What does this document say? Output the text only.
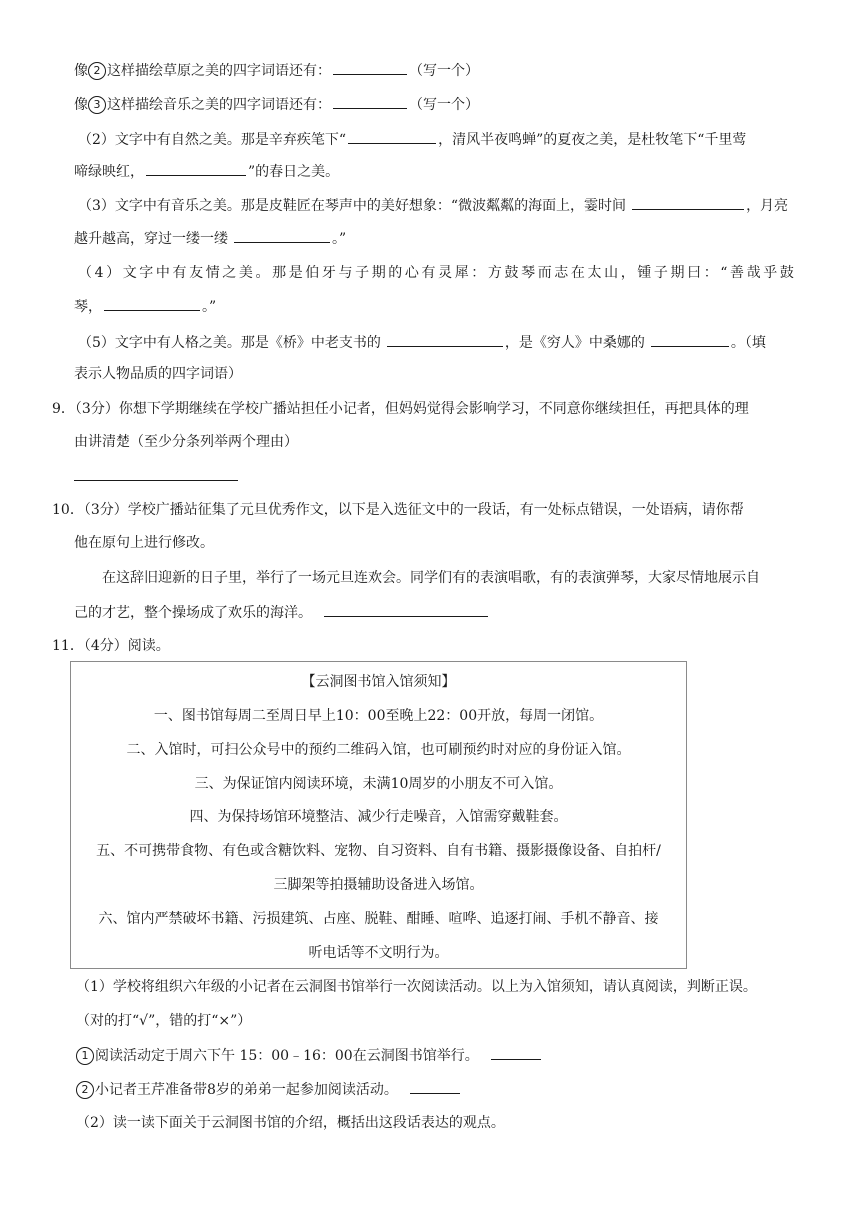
像 2 这样描绘草原之美的四字词语还有：	（写一个）
像 3 这样描绘音乐之美的四字词语还有：	（写一个）
（2）文字中有自然之美。那是辛弃疾笔下“	，清风半夜鸣蝉”的夏夜之美，是杜牧笔下“千里莺
啼绿映红，	”的春日之美。
（3）文字中有音乐之美。那是皮鞋匠在琴声中的美好想象：“微波粼粼的海面上，霎时间	，月亮
越升越高，穿过一缕一缕	。”
（4）文字中有友情之美。那是伯牙与子期的心有灵犀：方鼓琴而志在太山，锺子期曰：“善哉乎鼓
琴，	。”
（5）文字中有人格之美。那是《桥》中老支书的	，是《穷人》中桑娜的	。（填
表示人物品质的四字词语）
9．（3分）你想下学期继续在学校广播站担任小记者，但妈妈觉得会影响学习，不同意你继续担任，再把具体的理
由讲清楚（至少分条列举两个理由）
10．（3分）学校广播站征集了元旦优秀作文，以下是入选征文中的一段话，有一处标点错误，一处语病，请你帮
他在原句上进行修改。
在这辞旧迎新的日子里，举行了一场元旦连欢会。同学们有的表演唱歌，有的表演弹琴，大家尽情地展示自
己的才艺，整个操场成了欢乐的海洋。
11．（4分）阅读。
【云洞图书馆入馆须知】
一、图书馆每周二至周日早上10：00至晚上22：00开放，每周一闭馆。
二、入馆时，可扫公众号中的预约二维码入馆，也可刷预约时对应的身份证入馆。
三、为保证馆内阅读环境，未满10周岁的小朋友不可入馆。
四、为保持场馆环境整洁、减少行走噪音，入馆需穿戴鞋套。
五、不可携带食物、有色或含糖饮料、宠物、自习资料、自有书籍、摄影摄像设备、自拍杆/
三脚架等拍摄辅助设备进入场馆。
六、馆内严禁破坏书籍、污损建筑、占座、脱鞋、酣睡、喧哗、追逐打闹、手机不静音、接
听电话等不文明行为。
（1）学校将组织六年级的小记者在云洞图书馆举行一次阅读活动。以上为入馆须知，请认真阅读，判断正误。
（对的打“√”，错的打“×”）
1 阅读活动定于周六下午 15：00﹣16：00在云洞图书馆举行。
2 小记者王芹准备带8岁的弟弟一起参加阅读活动。
（2）读一读下面关于云洞图书馆的介绍，概括出这段话表达的观点。
